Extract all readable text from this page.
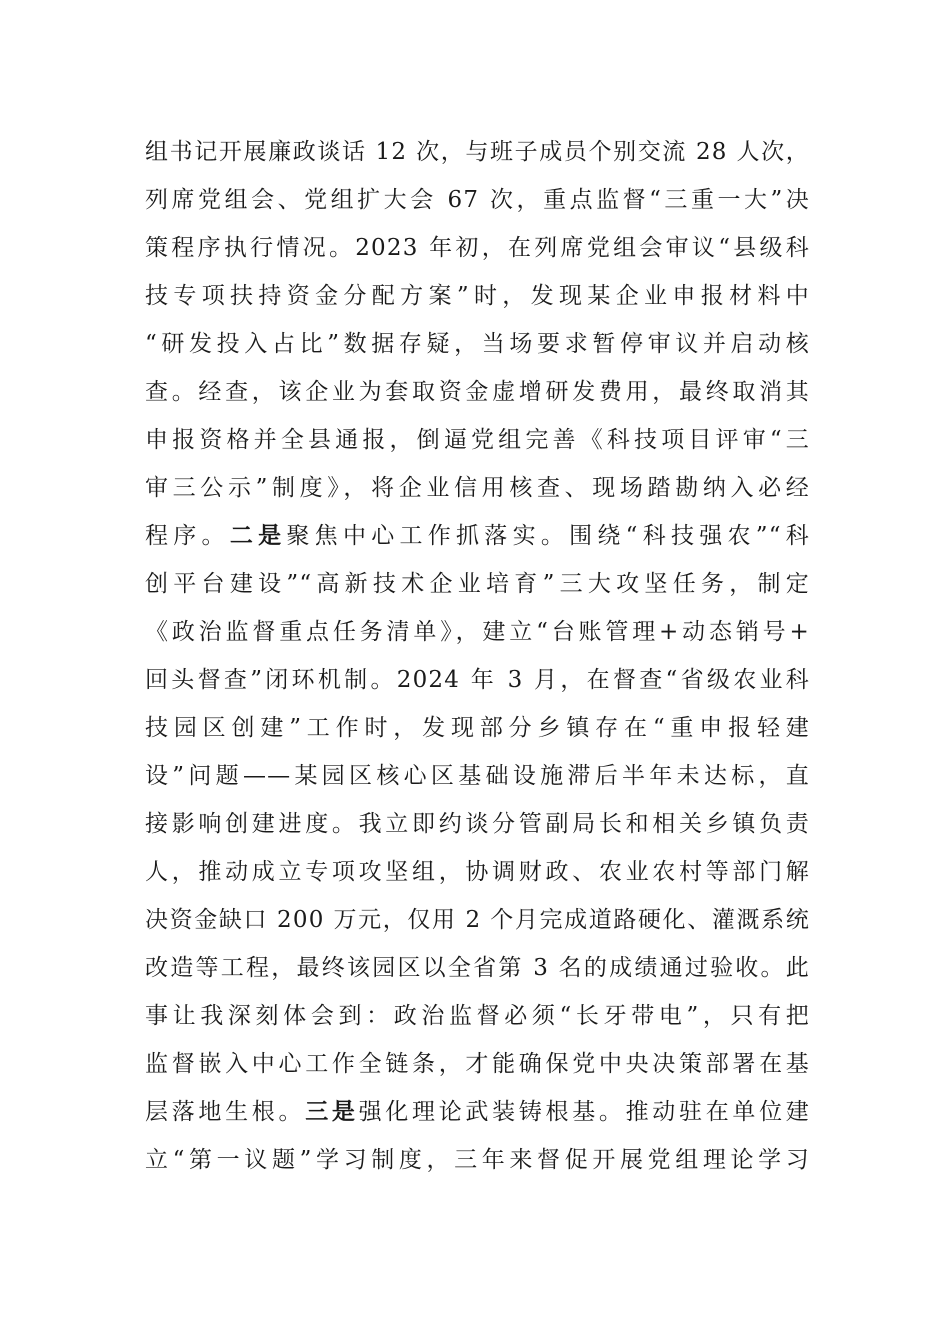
组书记开展廉政谈话 12 次，与班子成员个别交流 28 人次，
列席党组会、党组扩大会 67 次，重点监督“三重一大”决
策程序执行情况。2023 年初，在列席党组会审议“县级科
技专项扶持资金分配方案”时，发现某企业申报材料中
“研发投入占比”数据存疑，当场要求暂停审议并启动核
查。经查，该企业为套取资金虚增研发费用，最终取消其
申报资格并全县通报，倒逼党组完善《科技项目评审“三
审三公示”制度》，将企业信用核查、现场踏勘纳入必经
程序。二是聚焦中心工作抓落实。围绕“科技强农”“科
创平台建设”“高新技术企业培育”三大攻坚任务，制定
《政治监督重点任务清单》，建立“台账管理+动态销号+
回头督查”闭环机制。2024 年 3 月，在督查“省级农业科
技园区创建”工作时，发现部分乡镇存在“重申报轻建
设”问题——某园区核心区基础设施滞后半年未达标，直
接影响创建进度。我立即约谈分管副局长和相关乡镇负责
人，推动成立专项攻坚组，协调财政、农业农村等部门解
决资金缺口 200 万元，仅用 2 个月完成道路硬化、灌溉系统
改造等工程，最终该园区以全省第 3 名的成绩通过验收。此
事让我深刻体会到：政治监督必须“长牙带电”，只有把
监督嵌入中心工作全链条，才能确保党中央决策部署在基
层落地生根。三是强化理论武装铸根基。推动驻在单位建
立“第一议题”学习制度，三年来督促开展党组理论学习
